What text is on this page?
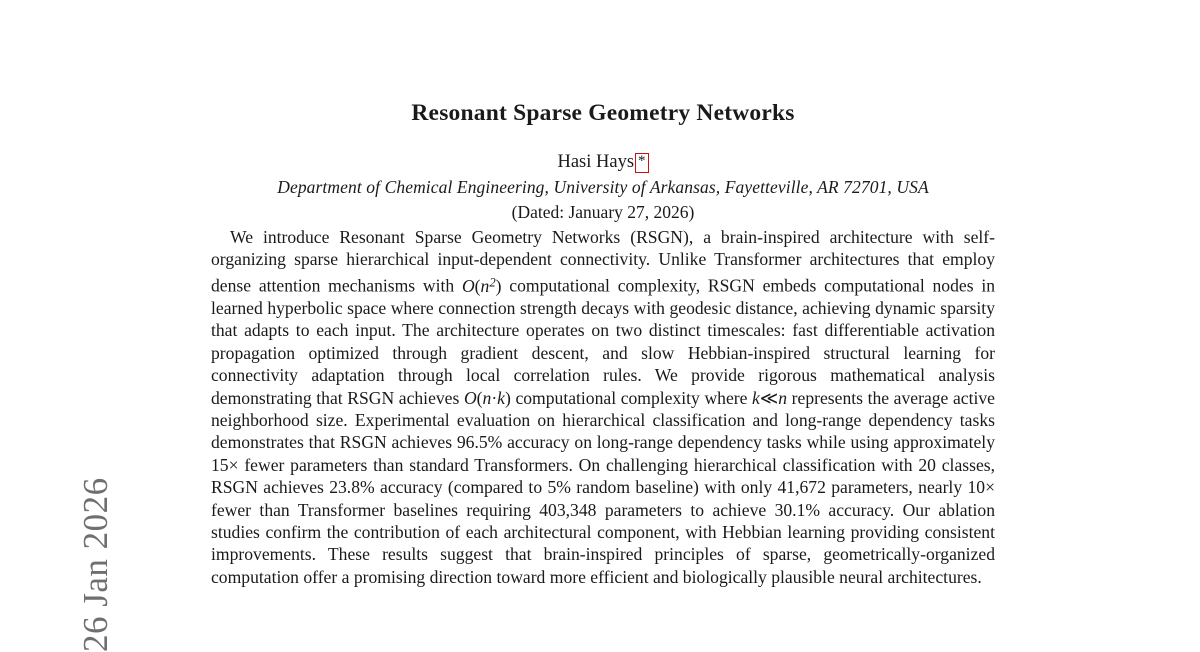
26 Jan 2026
Resonant Sparse Geometry Networks
Hasi Hays *
Department of Chemical Engineering, University of Arkansas, Fayetteville, AR 72701, USA
(Dated: January 27, 2026)
We introduce Resonant Sparse Geometry Networks (RSGN), a brain-inspired architecture with self-organizing sparse hierarchical input-dependent connectivity. Unlike Transformer architectures that employ dense attention mechanisms with $O(n^2)$ computational complexity, RSGN embeds computational nodes in learned hyperbolic space where connection strength decays with geodesic distance, achieving dynamic sparsity that adapts to each input. The architecture operates on two distinct timescales: fast differentiable activation propagation optimized through gradient descent, and slow Hebbian-inspired structural learning for connectivity adaptation through local correlation rules. We provide rigorous mathematical analysis demonstrating that RSGN achieves O(n·k) computational complexity where k≪n represents the average active neighborhood size. Experimental evaluation on hierarchical classification and long-range dependency tasks demonstrates that RSGN achieves 96.5% accuracy on long-range dependency tasks while using approximately 15× fewer parameters than standard Transformers. On challenging hierarchical classification with 20 classes, RSGN achieves 23.8% accuracy (compared to 5% random baseline) with only 41,672 parameters, nearly 10× fewer than Transformer baselines requiring 403,348 parameters to achieve 30.1% accuracy. Our ablation studies confirm the contribution of each architectural component, with Hebbian learning providing consistent improvements. These results suggest that brain-inspired principles of sparse, geometrically-organized computation offer a promising direction toward more efficient and biologically plausible neural architectures.
